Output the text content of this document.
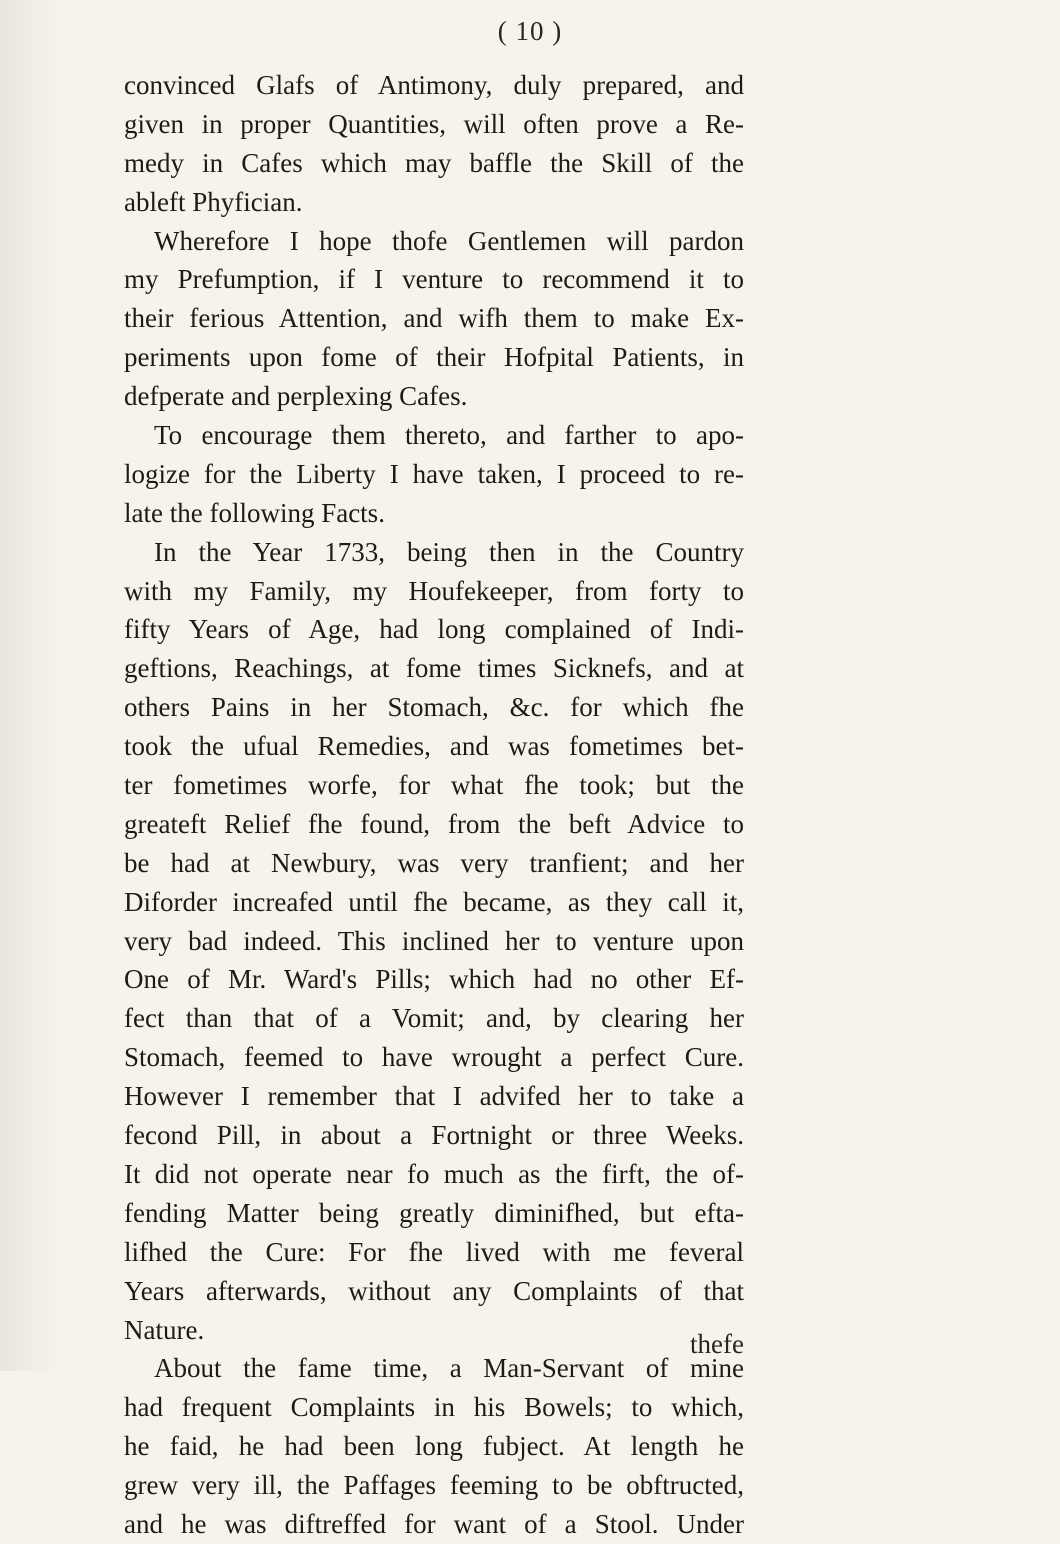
( 10 )
convinced Glafs of Antimony, duly prepared, and
given in proper Quantities, will often prove a Re-
medy in Cafes which may baffle the Skill of the
ableft Phyfician.
Wherefore I hope thofe Gentlemen will pardon
my Prefumption, if I venture to recommend it to
their ferious Attention, and wifh them to make Ex-
periments upon fome of their Hofpital Patients, in
defperate and perplexing Cafes.
To encourage them thereto, and farther to apo-
logize for the Liberty I have taken, I proceed to re-
late the following Facts.
In the Year 1733, being then in the Country
with my Family, my Houfekeeper, from forty to
fifty Years of Age, had long complained of Indi-
geftions, Reachings, at fome times Sicknefs, and at
others Pains in her Stomach, &c. for which fhe
took the ufual Remedies, and was fometimes bet-
ter fometimes worfe, for what fhe took; but the
greateft Relief fhe found, from the beft Advice to
be had at Newbury, was very tranfient; and her
Diforder increafed until fhe became, as they call it,
very bad indeed. This inclined her to venture upon
One of Mr. Ward's Pills; which had no other Ef-
fect than that of a Vomit; and, by clearing her
Stomach, feemed to have wrought a perfect Cure.
However I remember that I advifed her to take a
fecond Pill, in about a Fortnight or three Weeks.
It did not operate near fo much as the firft, the of-
fending Matter being greatly diminifhed, but efta-
lifhed the Cure: For fhe lived with me feveral
Years afterwards, without any Complaints of that
Nature.
About the fame time, a Man-Servant of mine
had frequent Complaints in his Bowels; to which,
he faid, he had been long fubject. At length he
grew very ill, the Paffages feeming to be obftructed,
and he was diftreffed for want of a Stool. Under
thefe
